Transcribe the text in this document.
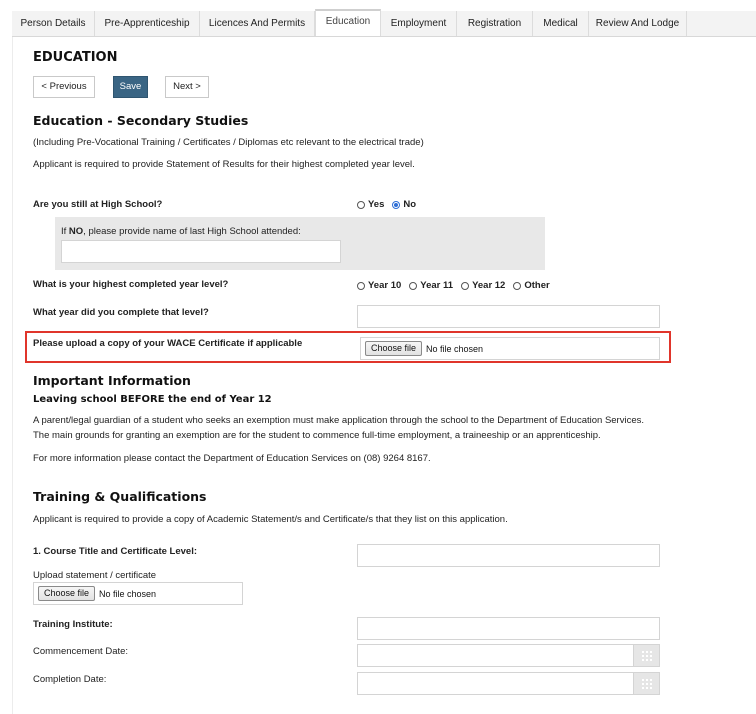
Person Details	Pre-Apprenticeship	Licences And Permits	Education	Employment	Registration	Medical	Review And Lodge
EDUCATION
< Previous	Save	Next >
Education - Secondary Studies
(Including Pre-Vocational Training / Certificates / Diplomas etc relevant to the electrical trade)
Applicant is required to provide Statement of Results for their highest completed year level.
Are you still at High School?	Yes No
If NO, please provide name of last High School attended:
What is your highest completed year level?	Year 10 Year 11 Year 12 Other
What year did you complete that level?
Please upload a copy of your WACE Certificate if applicable	Choose file	No file chosen
Important Information
Leaving school BEFORE the end of Year 12
A parent/legal guardian of a student who seeks an exemption must make application through the school to the Department of Education Services.
The main grounds for granting an exemption are for the student to commence full-time employment, a traineeship or an apprenticeship.
For more information please contact the Department of Education Services on (08) 9264 8167.
Training & Qualifications
Applicant is required to provide a copy of Academic Statement/s and Certificate/s that they list on this application.
1. Course Title and Certificate Level:
Upload statement / certificate
Choose file	No file chosen
Training Institute:
Commencement Date:
Completion Date:
